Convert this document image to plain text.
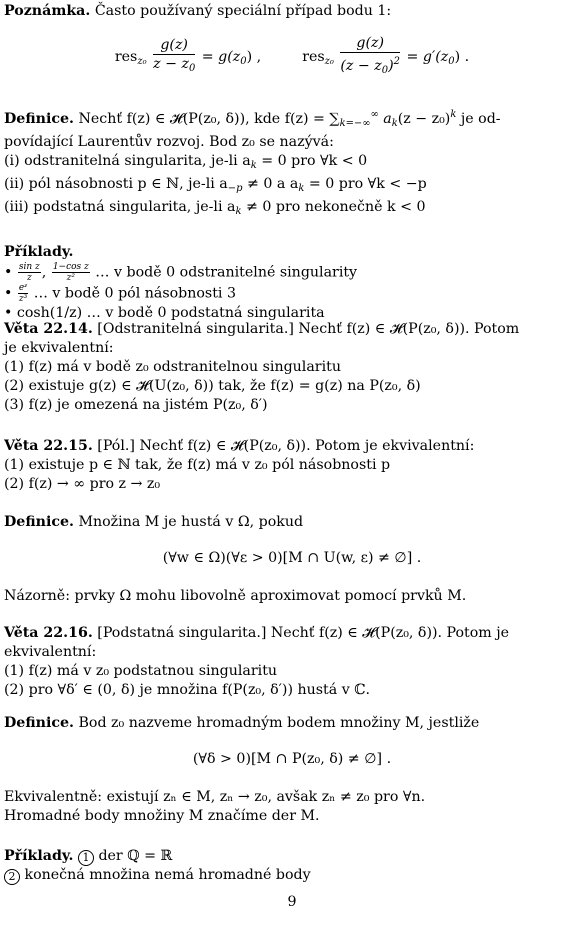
Poznámka. Často používaný speciální případ bodu 1:
$res_{z_0} \frac{g(z)}{z - z_0} = g(z_0)$ ,	$res_{z_0} \frac{g(z)}{(z - z_0)^2} = g'(z_0)$ .
Definice. Nechť f(z) ∈ 𝓗(P(z₀, δ)), kde $f(z) = \sum_{k=-\infty}^\infty$ $a_k(z - z_0)^k$ je od-
povídající Laurentův rozvoj. Bod z₀ se nazývá:
(i) odstranitelná singularita, je-li $a_k = 0$ pro ∀k < 0
(ii) pól násobnosti p ∈ ℕ, je-li $a_{-p} \ne 0$ a $a_k = 0$ pro ∀k < −p
(iii) podstatná singularita, je-li $a_k \ne 0$ pro nekonečně k < 0
Příklady.
• $\frac{\text{sin z}}{z}$ , $\frac{\text{1−cos z}}{\text{z²}}$ … v bodě 0 odstranitelné singularity
• $\frac{\text{eᶻ}}{\text{z³}}$ … v bodě 0 pól násobnosti 3
• cosh(1/z) … v bodě 0 podstatná singularita
Věta 22.14. [Odstranitelná singularita.] Nechť f(z) ∈ 𝓗(P(z₀, δ)). Potom
je ekvivalentní:
(1) f(z) má v bodě z₀ odstranitelnou singularitu
(2) existuje g(z) ∈ 𝓗(U(z₀, δ)) tak, že f(z) = g(z) na P(z₀, δ)
(3) f(z) je omezená na jistém P(z₀, δ′)
Věta 22.15. [Pól.] Nechť f(z) ∈ 𝓗(P(z₀, δ)). Potom je ekvivalentní:
(1) existuje p ∈ ℕ tak, že f(z) má v z₀ pól násobnosti p
(2) f(z) → ∞ pro z → z₀
Definice. Množina M je hustá v Ω, pokud
(∀w ∈ Ω)(∀ε > 0)[M ∩ U(w, ε) ≠ ∅] .
Názorně: prvky Ω mohu libovolně aproximovat pomocí prvků M.
Věta 22.16. [Podstatná singularita.] Nechť f(z) ∈ 𝓗(P(z₀, δ)). Potom je
ekvivalentní:
(1) f(z) má v z₀ podstatnou singularitu
(2) pro ∀δ′ ∈ (0, δ) je množina f(P(z₀, δ′)) hustá v ℂ.
Definice. Bod z₀ nazveme hromadným bodem množiny M, jestliže
(∀δ > 0)[M ∩ P(z₀, δ) ≠ ∅] .
Ekvivalentně: existují zₙ ∈ M, zₙ → z₀, avšak zₙ ≠ z₀ pro ∀n.
Hromadné body množiny M značíme der M.
Příklady. 1 der ℚ = ℝ
2 konečná množina nemá hromadné body
9
